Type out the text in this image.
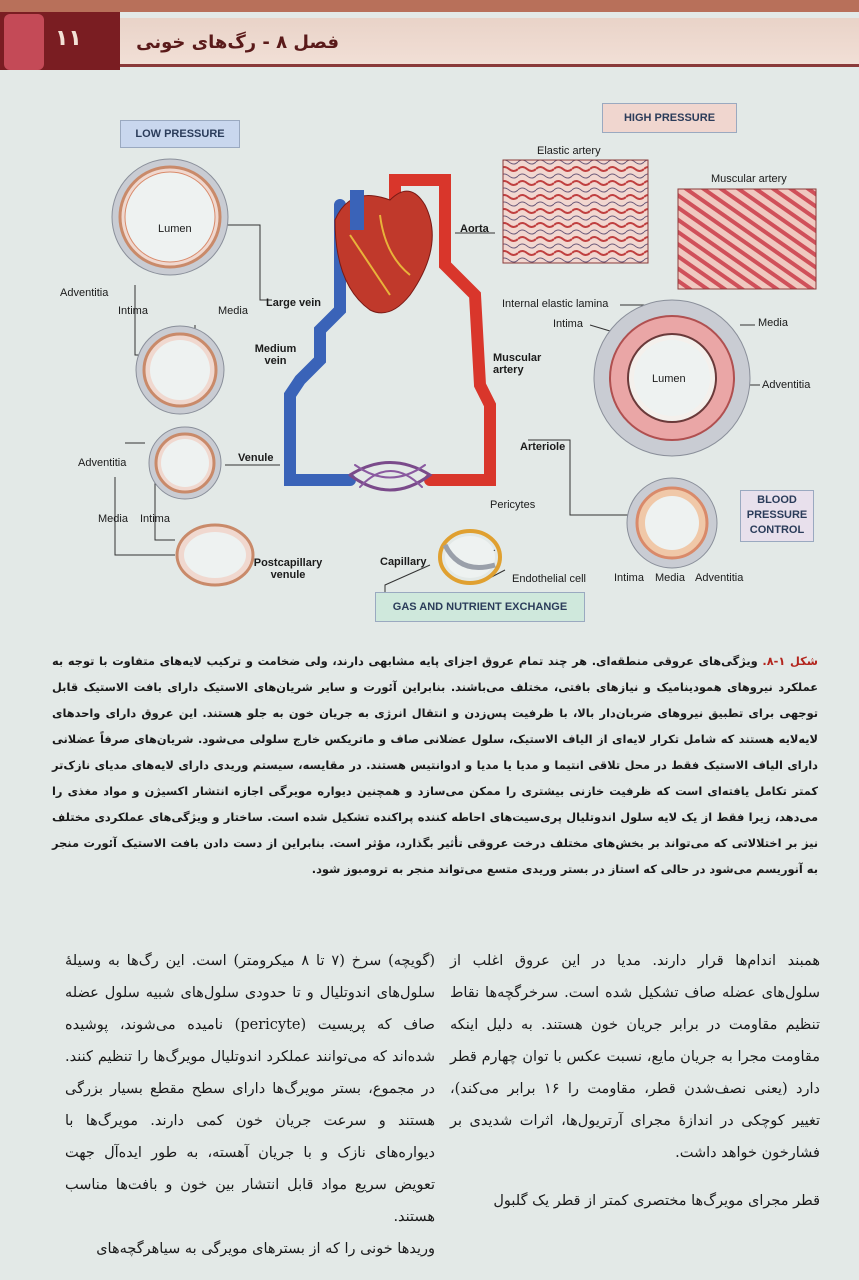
١١	فصل ۸ - رگ‌های خونی
LOW PRESSURE
HIGH PRESSURE
GAS AND NUTRIENT EXCHANGE
BLOOD PRESSURE CONTROL
Lumen
Adventitia
Intima	Media
Large vein
Medium vein
Adventitia	Venule
Media Intima
Postcapillary venule
Capillary
Pericytes
Endothelial cell
Aorta
Elastic artery
Muscular artery
Internal elastic lamina
Intima	Media
Lumen	Adventitia
Muscular artery
Arteriole
Intima Media Adventitia
شکل ۱-۸. ویژگی‌های عروقی منطقه‌ای. هر چند تمام عروق اجزای پایه مشابهی دارند، ولی ضخامت و ترکیب لایه‌های متفاوت با توجه به عملکرد نیروهای همودینامیک و نیازهای بافتی، مختلف می‌باشند. بنابراین آئورت و سایر شریان‌های الاستیک دارای بافت الاستیک قابل توجهی برای تطبیق نیروهای ضربان‌دار بالا، با ظرفیت پس‌زدن و انتقال انرژی به جریان خون به جلو هستند. این عروق دارای واحدهای لایه‌لایه هستند که شامل تکرار لایه‌ای از الیاف الاستیک، سلول عضلانی صاف و ماتریکس خارج سلولی می‌شود. شریان‌های صرفاً عضلانی دارای الیاف الاستیک فقط در محل تلاقی انتیما و مدیا یا مدیا و ادوانتیس هستند. در مقایسه، سیستم وریدی دارای لایه‌های مدیای نازک‌تر کمتر تکامل یافته‌ای است که ظرفیت خازنی بیشتری را ممکن می‌سازد و همچنین دیواره مویرگی اجازه انتشار اکسیژن و مواد مغذی را می‌دهد، زیرا فقط از یک لایه سلول اندوتلیال پری‌سیت‌های احاطه کننده پراکنده تشکیل شده است. ساختار و ویژگی‌های عملکردی مختلف نیز بر اختلالاتی که می‌تواند بر بخش‌های مختلف درخت عروقی تأثیر بگذارد، مؤثر است. بنابراین از دست دادن بافت الاستیک آئورت منجر به آنوریسم می‌شود در حالی که استاز در بستر وریدی متسع می‌تواند منجر به ترومبوز شود.

همبند اندام‌ها قرار دارند. مدیا در این عروق اغلب از سلول‌های عضله صاف تشکیل شده است. سرخرگچه‌ها نقاط تنظیم مقاومت در برابر جریان خون هستند. به دلیل اینکه مقاومت مجرا به جریان مایع، نسبت عکس با توان چهارم قطر دارد (یعنی نصف‌شدن قطر، مقاومت را ۱۶ برابر می‌کند)، تغییر کوچکی در اندازهٔ مجرای آرتریول‌ها، اثرات شدیدی بر فشارخون خواهد داشت.

قطر مجرای مویرگ‌ها مختصری کمتر از قطر یک گلبول

(گویچه) سرخ (۷ تا ۸ میکرومتر) است. این رگ‌ها به وسیلهٔ سلول‌های اندوتلیال و تا حدودی سلول‌های شبیه سلول عضله صاف که پریسیت (pericyte) نامیده می‌شوند، پوشیده شده‌اند که می‌توانند عملکرد اندوتلیال مویرگ‌ها را تنظیم کنند. در مجموع، بستر مویرگ‌ها دارای سطح مقطع بسیار بزرگی هستند و سرعت جریان خون کمی دارند. مویرگ‌ها با دیواره‌های نازک و با جریان آهسته، به طور ایده‌آل جهت تعویض سریع مواد قابل انتشار بین خون و بافت‌ها مناسب هستند.

وریدها خونی را که از بسترهای مویرگی به سیاهرگچه‌های
